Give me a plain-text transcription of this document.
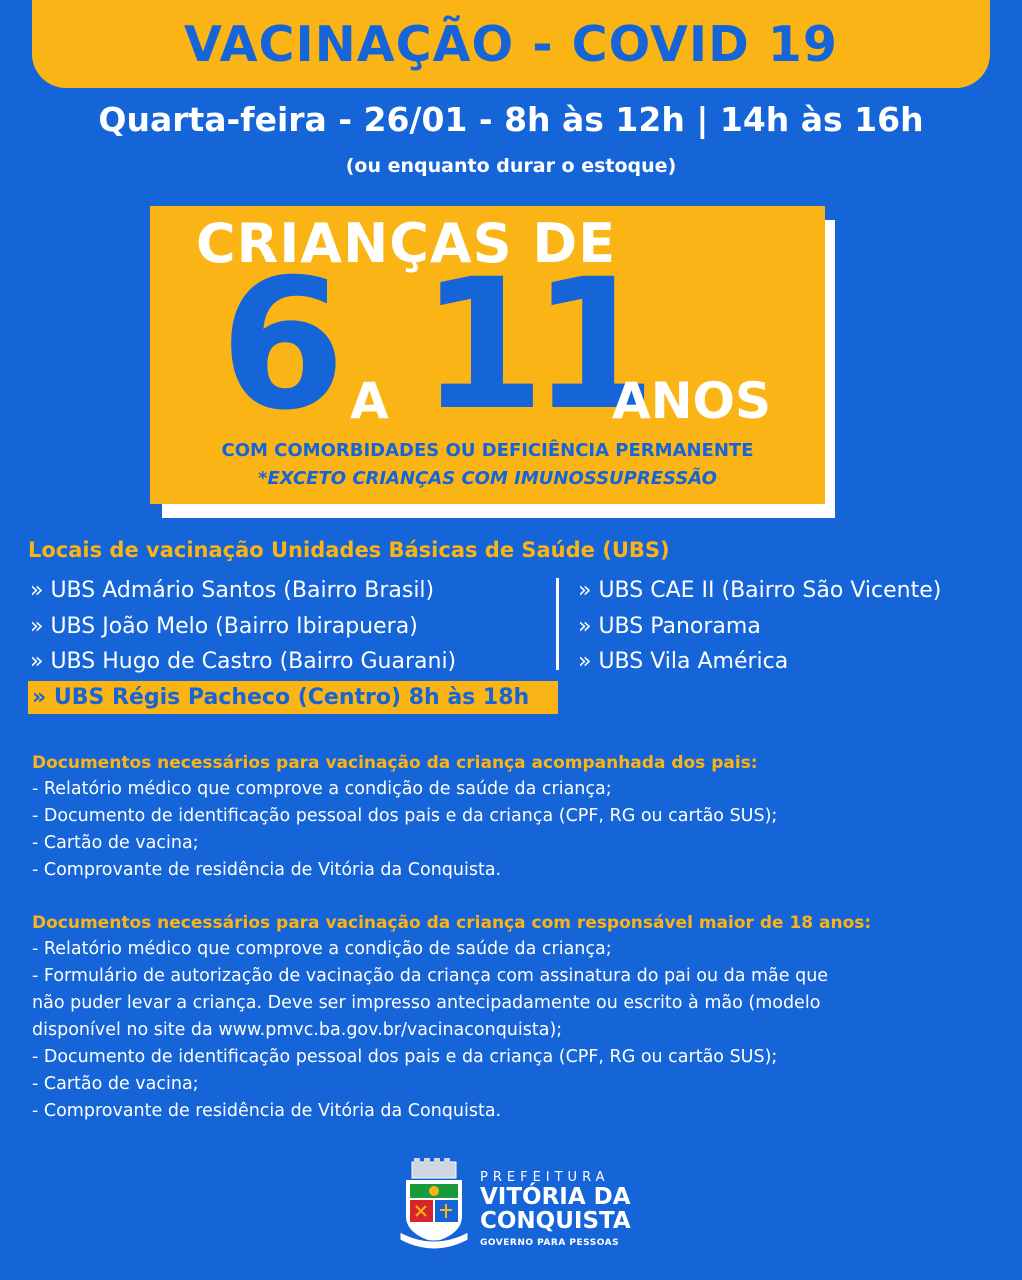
VACINAÇÃO - COVID 19
Quarta-feira - 26/01 - 8h às 12h | 14h às 16h
(ou enquanto durar o estoque)
CRIANÇAS DE
6 A 11
ANOS
COM COMORBIDADES OU DEFICIÊNCIA PERMANENTE
*EXCETO CRIANÇAS COM IMUNOSSUPRESSÃO
Locais de vacinação Unidades Básicas de Saúde (UBS)
» UBS Admário Santos (Bairro Brasil)
» UBS João Melo (Bairro Ibirapuera)
» UBS Hugo de Castro (Bairro Guarani)
» UBS CAE II (Bairro São Vicente)
» UBS Panorama
» UBS Vila América
» UBS Régis Pacheco (Centro) 8h às 18h
Documentos necessários para vacinação da criança acompanhada dos pais:
- Relatório médico que comprove a condição de saúde da criança;
- Documento de identificação pessoal dos pais e da criança (CPF, RG ou cartão SUS);
- Cartão de vacina;
- Comprovante de residência de Vitória da Conquista.
Documentos necessários para vacinação da criança com responsável maior de 18 anos:
- Relatório médico que comprove a condição de saúde da criança;
- Formulário de autorização de vacinação da criança com assinatura do pai ou da mãe que
não puder levar a criança. Deve ser impresso antecipadamente ou escrito à mão (modelo
disponível no site da www.pmvc.ba.gov.br/vacinaconquista);
- Documento de identificação pessoal dos pais e da criança (CPF, RG ou cartão SUS);
- Cartão de vacina;
- Comprovante de residência de Vitória da Conquista.
PREFEITURA
VITÓRIA DA
CONQUISTA
GOVERNO PARA PESSOAS
